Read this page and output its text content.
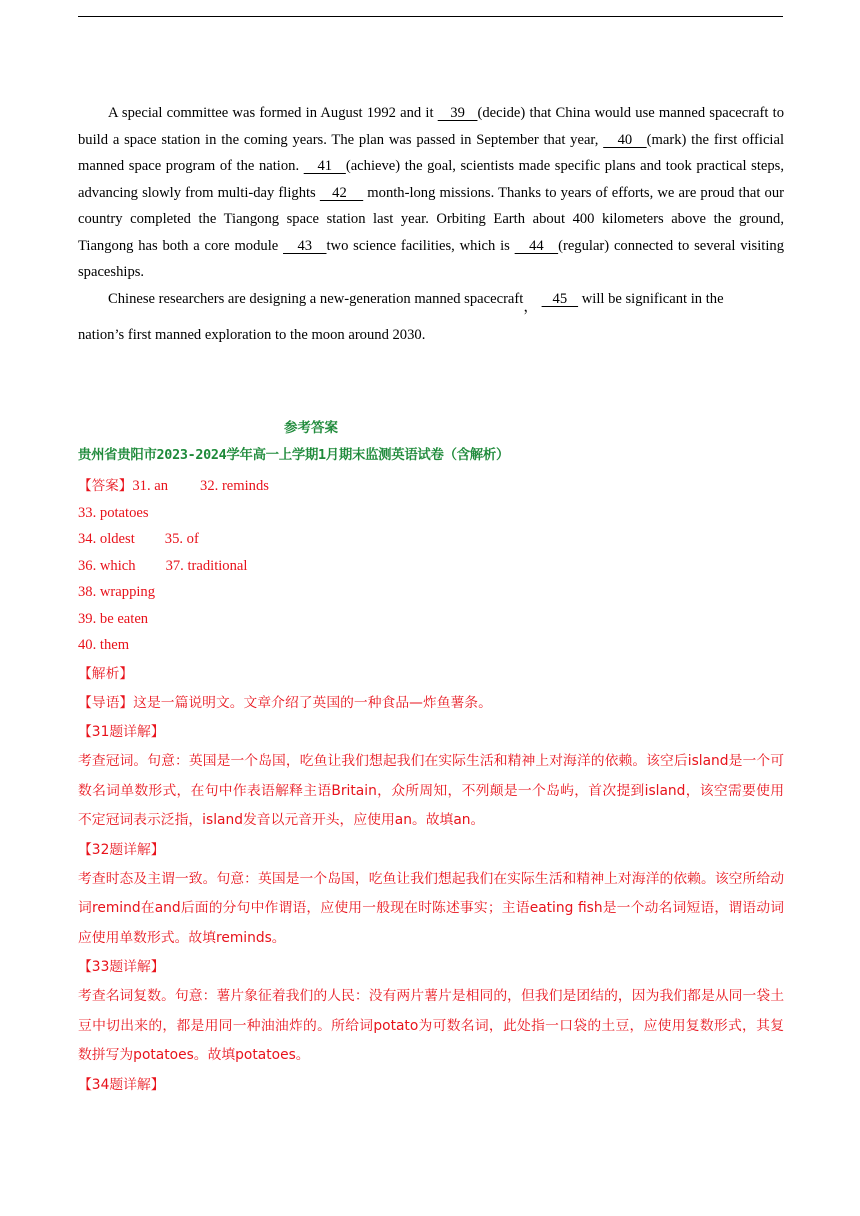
A special committee was formed in August 1992 and it    39   (decide) that China would use manned spacecraft to build a space station in the coming years. The plan was passed in September that year,    40   (mark) the first official manned space program of the nation.    41   (achieve) the goal, scientists made specific plans and took practical steps, advancing slowly from multi-day flights    42     month-long missions. Thanks to years of efforts, we are proud that our country completed the Tiangong space station last year. Orbiting Earth about 400 kilometers above the ground, Tiangong has both a core module    43   two science facilities, which is    44   (regular) connected to several visiting spaceships.

Chinese researchers are designing a new-generation manned spacecraft，    45    will be significant in the

nation’s first manned exploration to the moon around 2030.

参考答案
贵州省贵阳市2023-2024学年高一上学期1月期末监测英语试卷（含解析）
【答案】31. an 32. reminds
33. potatoes
34. oldest 35. of
36. which 37. traditional
38. wrapping
39. be eaten
40. them
【解析】
【导语】这是一篇说明文。文章介绍了英国的一种食品—炸鱼薯条。
【31题详解】
考查冠词。句意：英国是一个岛国，吃鱼让我们想起我们在实际生活和精神上对海洋的依赖。该空后island是一个可数名词单数形式，在句中作表语解释主语Britain，众所周知，不列颠是一个岛屿，首次提到island，该空需要使用不定冠词表示泛指，island发音以元音开头，应使用an。故填an。
【32题详解】
考查时态及主谓一致。句意：英国是一个岛国，吃鱼让我们想起我们在实际生活和精神上对海洋的依赖。该空所给动词remind在and后面的分句中作谓语，应使用一般现在时陈述事实；主语eating fish是一个动名词短语，谓语动词应使用单数形式。故填reminds。
【33题详解】
考查名词复数。句意：薯片象征着我们的人民：没有两片薯片是相同的，但我们是团结的，因为我们都是从同一袋土豆中切出来的，都是用同一种油油炸的。所给词potato为可数名词，此处指一口袋的土豆，应使用复数形式，其复数拼写为potatoes。故填potatoes。
【34题详解】
